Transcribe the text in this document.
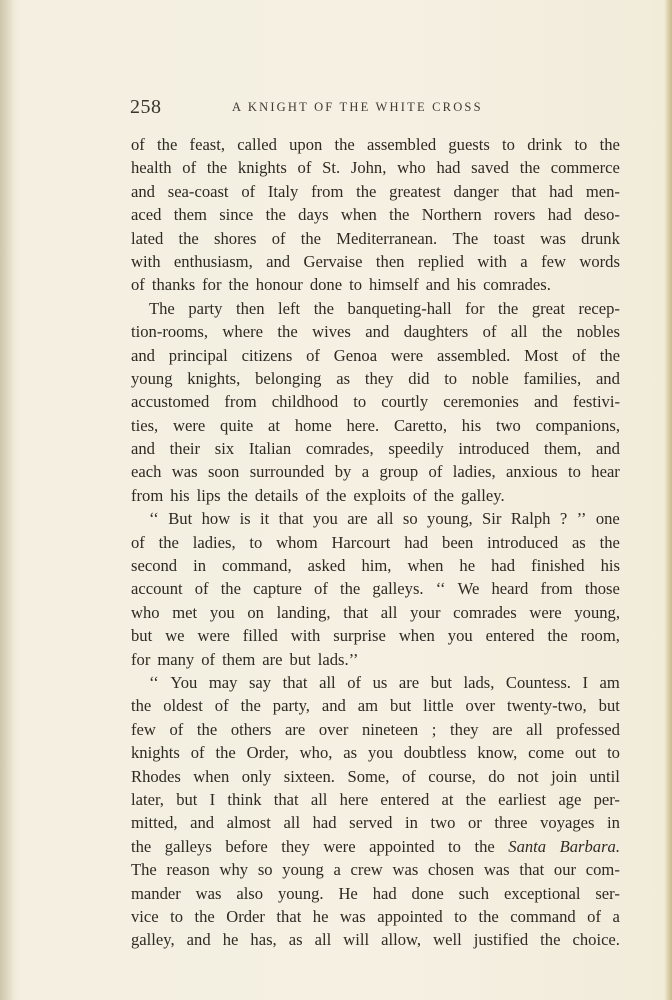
258	A KNIGHT OF THE WHITE CROSS
of the feast, called upon the assembled guests to drink to the
health of the knights of St. John, who had saved the commerce
and sea-coast of Italy from the greatest danger that had men-
aced them since the days when the Northern rovers had deso-
lated the shores of the Mediterranean. The toast was drunk
with enthusiasm, and Gervaise then replied with a few words
of thanks for the honour done to himself and his comrades.
The party then left the banqueting-hall for the great recep-
tion-rooms, where the wives and daughters of all the nobles
and principal citizens of Genoa were assembled. Most of the
young knights, belonging as they did to noble families, and
accustomed from childhood to courtly ceremonies and festivi-
ties, were quite at home here. Caretto, his two companions,
and their six Italian comrades, speedily introduced them, and
each was soon surrounded by a group of ladies, anxious to hear
from his lips the details of the exploits of the galley.
‘‘ But how is it that you are all so young, Sir Ralph ? ’’ one
of the ladies, to whom Harcourt had been introduced as the
second in command, asked him, when he had finished his
account of the capture of the galleys. ‘‘ We heard from those
who met you on landing, that all your comrades were young,
but we were filled with surprise when you entered the room,
for many of them are but lads.’’
‘‘ You may say that all of us are but lads, Countess. I am
the oldest of the party, and am but little over twenty-two, but
few of the others are over nineteen ; they are all professed
knights of the Order, who, as you doubtless know, come out to
Rhodes when only sixteen. Some, of course, do not join until
later, but I think that all here entered at the earliest age per-
mitted, and almost all had served in two or three voyages in
the galleys before they were appointed to the Santa Barbara.
The reason why so young a crew was chosen was that our com-
mander was also young. He had done such exceptional ser-
vice to the Order that he was appointed to the command of a
galley, and he has, as all will allow, well justified the choice.
